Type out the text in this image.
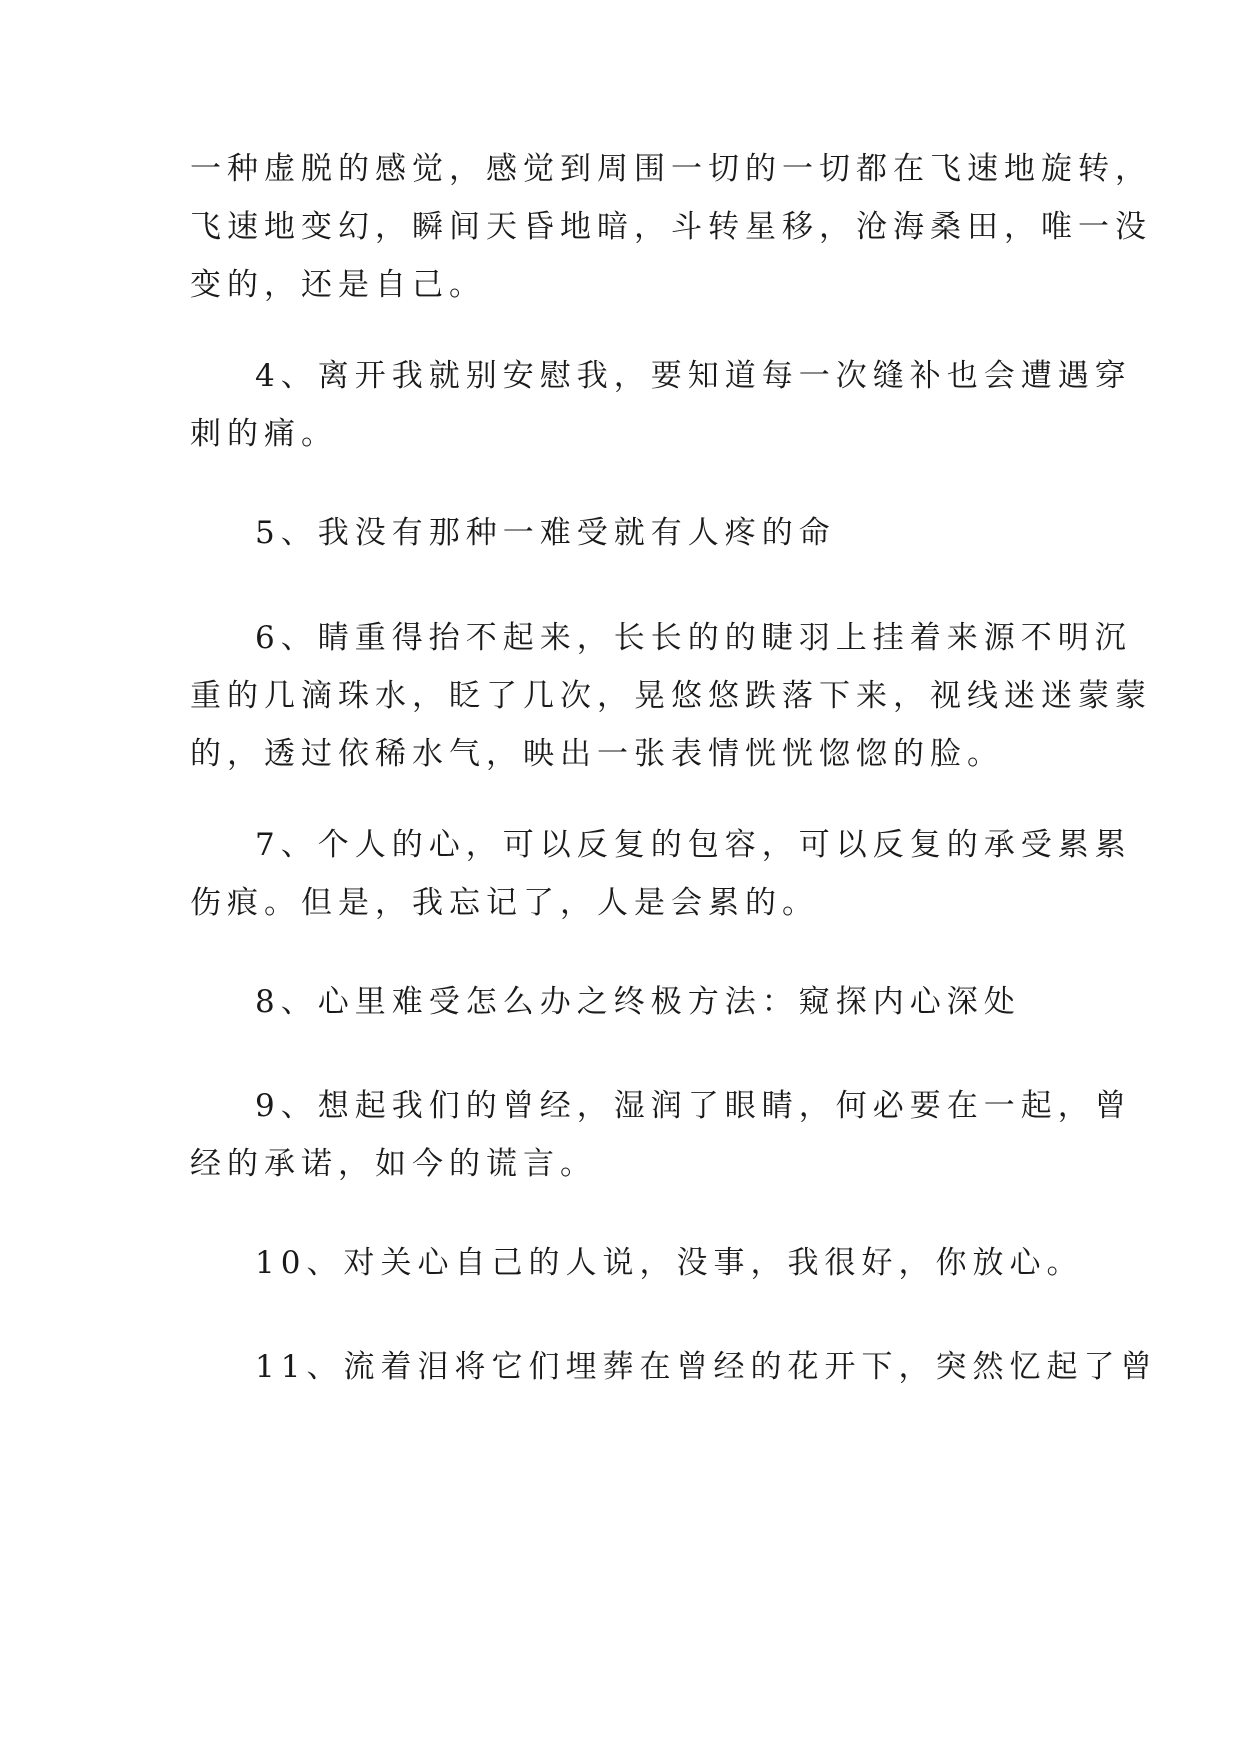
一种虚脱的感觉，感觉到周围一切的一切都在飞速地旋转，
飞速地变幻，瞬间天昏地暗，斗转星移，沧海桑田，唯一没
变的，还是自己。
4、离开我就别安慰我，要知道每一次缝补也会遭遇穿
刺的痛。
5、我没有那种一难受就有人疼的命
6、睛重得抬不起来，长长的的睫羽上挂着来源不明沉
重的几滴珠水，眨了几次，晃悠悠跌落下来，视线迷迷蒙蒙
的，透过依稀水气，映出一张表情恍恍惚惚的脸。
7、个人的心，可以反复的包容，可以反复的承受累累
伤痕。但是，我忘记了，人是会累的。
8、心里难受怎么办之终极方法：窥探内心深处
9、想起我们的曾经，湿润了眼睛，何必要在一起，曾
经的承诺，如今的谎言。
10、对关心自己的人说，没事，我很好，你放心。
11、流着泪将它们埋葬在曾经的花开下，突然忆起了曾
